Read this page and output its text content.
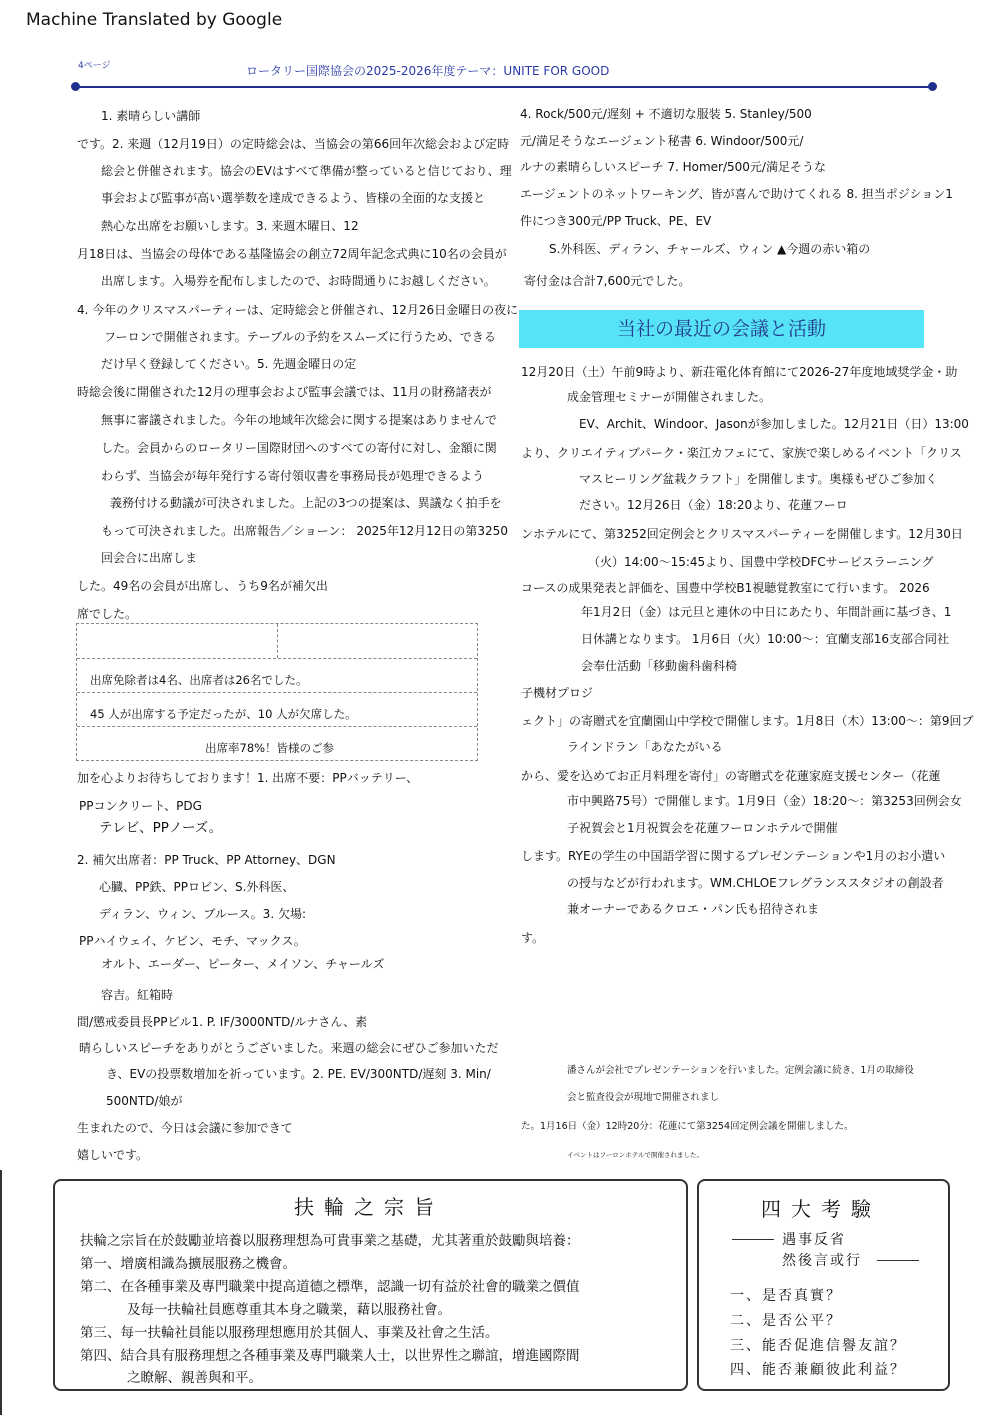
Machine Translated by Google
4ページ	ロータリー国際協会の2025-2026年度テーマ：UNITE FOR GOOD
1. 素晴らしい講師
です。2. 来週（12月19日）の定時総会は、当協会の第66回年次総会および定時
総会と併催されます。協会のEVはすべて準備が整っていると信じており、理
事会および監事が高い選挙数を達成できるよう、皆様の全面的な支援と
熱心な出席をお願いします。3. 来週木曜日、12
月18日は、当協会の母体である基隆協会の創立72周年記念式典に10名の会員が
出席します。入場券を配布しましたので、お時間通りにお越しください。
4. 今年のクリスマスパーティーは、定時総会と併催され、12月26日金曜日の夜に
フーロンで開催されます。テーブルの予約をスムーズに行うため、できる
だけ早く登録してください。5. 先週金曜日の定
時総会後に開催された12月の理事会および監事会議では、11月の財務諸表が
無事に審議されました。今年の地域年次総会に関する提案はありませんで
した。会員からのロータリー国際財団へのすべての寄付に対し、金額に関
わらず、当協会が毎年発行する寄付領収書を事務局長が処理できるよう
義務付ける動議が可決されました。上記の3つの提案は、異議なく拍手を
もって可決されました。出席報告／ショーン： 2025年12月12日の第3250
回会合に出席しま
した。49名の会員が出席し、うち9名が補欠出
席でした。
出席免除者は4名、出席者は26名でした。
45 人が出席する予定だったが、10 人が欠席した。
出席率78%！皆様のご参
加を心よりお待ちしております！1. 出席不要：PPバッテリー、
PPコンクリート、PDG
テレビ、PPノーズ。
2. 補欠出席者：PP Truck、PP Attorney、DGN
心臓、PP鉄、PPロビン、S.外科医、
ディラン、ウィン、ブルース。3. 欠場:
PPハイウェイ、ケビン、モチ、マックス。
オルト、エーダー、ピーター、メイソン、チャールズ
容吉。紅箱時
間/懲戒委員長PPビル1. P. IF/3000NTD/ルナさん、素
晴らしいスピーチをありがとうございました。来週の総会にぜひご参加いただ
き、EVの投票数増加を祈っています。2. PE. EV/300NTD/遅刻 3. Min/
500NTD/娘が
生まれたので、今日は会議に参加できて
嬉しいです。
4. Rock/500元/遅刻 + 不適切な服装 5. Stanley/500
元/満足そうなエージェント秘書 6. Windoor/500元/
ルナの素晴らしいスピーチ 7. Homer/500元/満足そうな
エージェントのネットワーキング、皆が喜んで助けてくれる 8. 担当ポジション1
件につき300元/PP Truck、PE、EV
S.外科医、ディラン、チャールズ、ウィン ▲今週の赤い箱の
寄付金は合計7,600元でした。
当社の最近の会議と活動
12月20日（土）午前9時より、新荘電化体育館にて2026-27年度地域奨学金・助
成金管理セミナーが開催されました。
EV、Archit、Windoor、Jasonが参加しました。12月21日（日）13:00
より、クリエイティブパーク・楽江カフェにて、家族で楽しめるイベント「クリス
マスヒーリング盆栽クラフト」を開催します。奥様もぜひご参加く
ださい。12月26日（金）18:20より、花蓮フーロ
ンホテルにて、第3252回定例会とクリスマスパーティーを開催します。12月30日
（火）14:00〜15:45より、国豊中学校DFCサービスラーニング
コースの成果発表と評価を、国豊中学校B1視聴覚教室にて行います。 2026
年1月2日（金）は元旦と連休の中日にあたり、年間計画に基づき、1
日休講となります。 1月6日（火）10:00〜：宜蘭支部16支部合同社
会奉仕活動「移動歯科歯科椅
子機材プロジ
ェクト」の寄贈式を宜蘭園山中学校で開催します。1月8日（木）13:00〜：第9回ブ
ラインドラン「あなたがいる
から、愛を込めてお正月料理を寄付」の寄贈式を花蓮家庭支援センター（花蓮
市中興路75号）で開催します。1月9日（金）18:20〜：第3253回例会女
子祝賀会と1月祝賀会を花蓮フーロンホテルで開催
します。RYEの学生の中国語学習に関するプレゼンテーションや1月のお小遣い
の授与などが行われます。WM.CHLOEフレグランススタジオの創設者
兼オーナーであるクロエ・パン氏も招待されま
す。
潘さんが会社でプレゼンテーションを行いました。定例会議に続き、1月の取締役
会と監査役会が現地で開催されまし
た。1月16日（金）12時20分：花蓮にて第3254回定例会議を開催しました。
イベントはフーロンホテルで開催されました。
扶輪之宗旨
扶輪之宗旨在於鼓勵並培養以服務理想為可貴事業之基礎，尤其著重於鼓勵與培養：
第一、增廣相識為擴展服務之機會。
第二、在各種事業及專門職業中提高道德之標準，認識一切有益於社會的職業之價值
及每一扶輪社員應尊重其本身之職業，藉以服務社會。
第三、每一扶輪社員能以服務理想應用於其個人、事業及社會之生活。
第四、結合具有服務理想之各種事業及專門職業人士，以世界性之聯誼，增進國際間
之瞭解、親善與和平。
四大考驗
遇事反省
然後言或行
一、是否真實？
二、是否公平？
三、能否促進信譽友誼？
四、能否兼顧彼此利益？
